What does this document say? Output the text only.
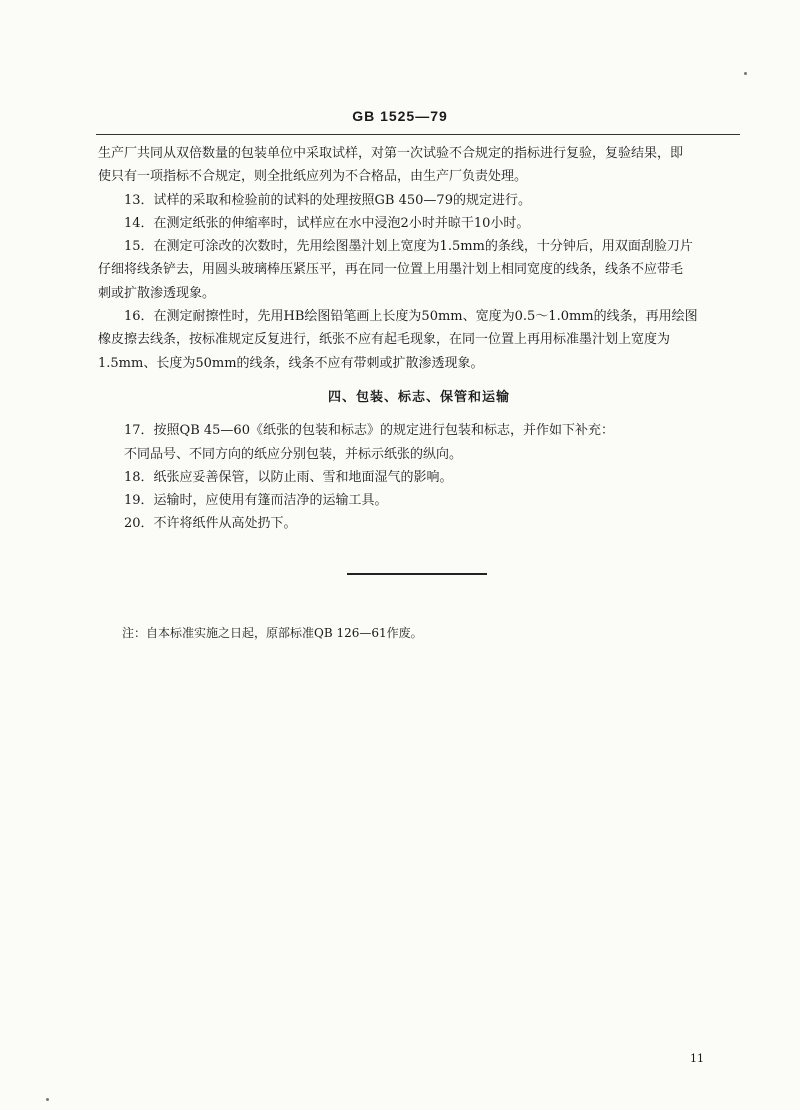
GB 1525—79
生产厂共同从双倍数量的包装单位中采取试样，对第一次试验不合规定的指标进行复验，复验结果，即
使只有一项指标不合规定，则全批纸应列为不合格品，由生产厂负责处理。
13．试样的采取和检验前的试料的处理按照GB 450—79的规定进行。
14．在测定纸张的伸缩率时，试样应在水中浸泡2小时并晾干10小时。
15．在测定可涂改的次数时，先用绘图墨汁划上宽度为1.5mm的条线，十分钟后，用双面刮脸刀片
仔细将线条铲去，用圆头玻璃棒压紧压平，再在同一位置上用墨汁划上相同宽度的线条，线条不应带毛
刺或扩散渗透现象。
16．在测定耐擦性时，先用HB绘图铅笔画上长度为50mm、宽度为0.5～1.0mm的线条，再用绘图
橡皮擦去线条，按标准规定反复进行，纸张不应有起毛现象，在同一位置上再用标准墨汁划上宽度为
1.5mm、长度为50mm的线条，线条不应有带刺或扩散渗透现象。
四、包装、标志、保管和运输
17．按照QB 45—60《纸张的包装和标志》的规定进行包装和标志，并作如下补充：
不同品号、不同方向的纸应分别包装，并标示纸张的纵向。
18．纸张应妥善保管，以防止雨、雪和地面湿气的影响。
19．运输时，应使用有篷而洁净的运输工具。
20．不许将纸件从高处扔下。
注：自本标准实施之日起，原部标准QB 126—61作废。
11
